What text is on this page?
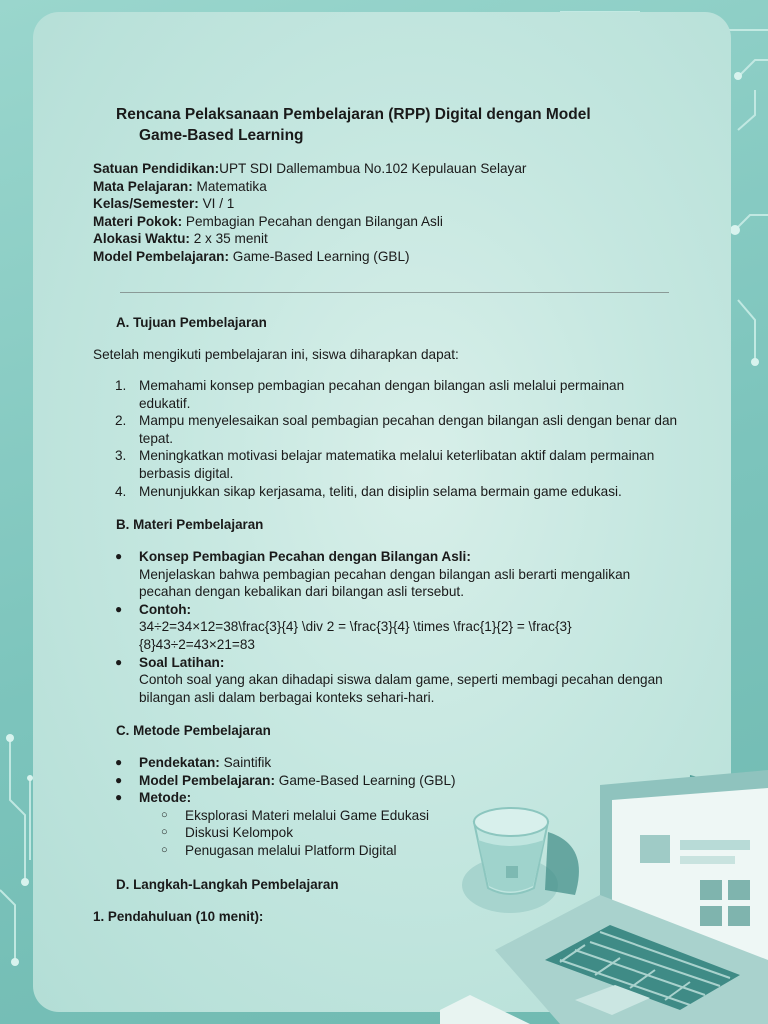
Rencana Pelaksanaan Pembelajaran (RPP) Digital dengan Model
Game-Based Learning
Satuan Pendidikan:UPT SDI Dallemambua No.102 Kepulauan Selayar
Mata Pelajaran: Matematika
Kelas/Semester: VI / 1
Materi Pokok: Pembagian Pecahan dengan Bilangan Asli
Alokasi Waktu: 2 x 35 menit
Model Pembelajaran: Game-Based Learning (GBL)
A. Tujuan Pembelajaran
Setelah mengikuti pembelajaran ini, siswa diharapkan dapat:
1. Memahami konsep pembagian pecahan dengan bilangan asli melalui permainan edukatif.
2. Mampu menyelesaikan soal pembagian pecahan dengan bilangan asli dengan benar dan tepat.
3. Meningkatkan motivasi belajar matematika melalui keterlibatan aktif dalam permainan berbasis digital.
4. Menunjukkan sikap kerjasama, teliti, dan disiplin selama bermain game edukasi.
B. Materi Pembelajaran
● Konsep Pembagian Pecahan dengan Bilangan Asli:
Menjelaskan bahwa pembagian pecahan dengan bilangan asli berarti mengalikan pecahan dengan kebalikan dari bilangan asli tersebut.
● Contoh:
34÷2=34×12=38\frac{3}{4} \div 2 = \frac{3}{4} \times \frac{1}{2} = \frac{3}{8}43÷2=43×21=83
● Soal Latihan:
Contoh soal yang akan dihadapi siswa dalam game, seperti membagi pecahan dengan bilangan asli dalam berbagai konteks sehari-hari.
C. Metode Pembelajaran
● Pendekatan: Saintifik
● Model Pembelajaran: Game-Based Learning (GBL)
● Metode:
○ Eksplorasi Materi melalui Game Edukasi
○ Diskusi Kelompok
○ Penugasan melalui Platform Digital
D. Langkah-Langkah Pembelajaran
1. Pendahuluan (10 menit):
